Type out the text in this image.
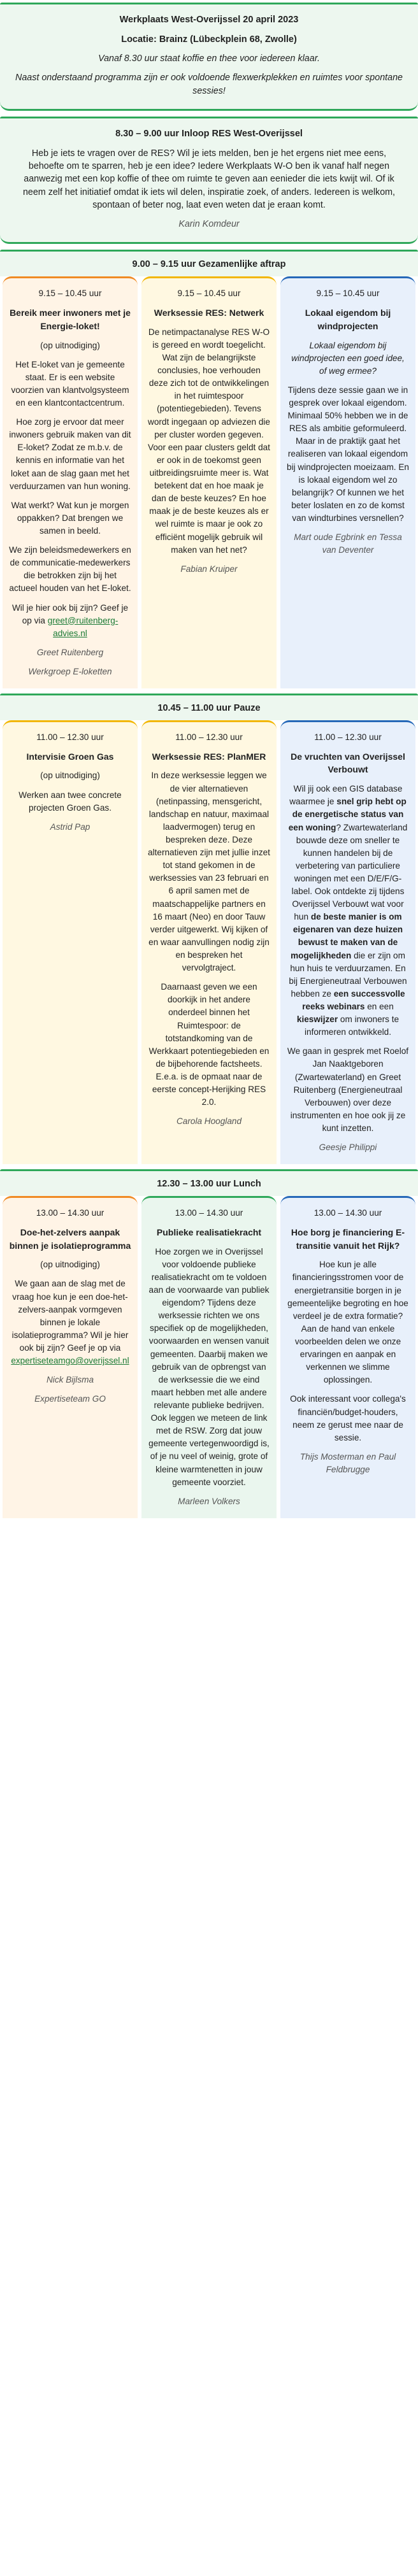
Werkplaats West-Overijssel 20 april 2023
Locatie: Brainz (Lübeckplein 68, Zwolle)

Vanaf 8.30 uur staat koffie en thee voor iedereen klaar.

Naast onderstaand programma zijn er ook voldoende flexwerkplekken en ruimtes voor spontane sessies!

8.30 – 9.00 uur Inloop RES West-Overijssel

Heb je iets te vragen over de RES? Wil je iets melden, ben je het ergens niet mee eens, behoefte om te sparren, heb je een idee? Iedere Werkplaats W-O ben ik vanaf half negen aanwezig met een kop koffie of thee om ruimte te geven aan eenieder die iets kwijt wil. Of ik neem zelf het initiatief omdat ik iets wil delen, inspiratie zoek, of anders. Iedereen is welkom, spontaan of beter nog, laat even weten dat je eraan komt.

Karin Komdeur
9.00 – 9.15 uur Gezamenlijke aftrap
9.15 – 10.45 uur
Bereik meer inwoners met je Energie-loket!

(op uitnodiging)

Het E-loket van je gemeente staat. Er is een website voorzien van klantvolgsysteem en een klantcontactcentrum.

Hoe zorg je ervoor dat meer inwoners gebruik maken van dit E-loket? Zodat ze m.b.v. de kennis en informatie van het loket aan de slag gaan met het verduurzamen van hun woning.

Wat werkt? Wat kun je morgen oppakken? Dat brengen we samen in beeld.

We zijn beleidsmedewerkers en de communicatie-medewerkers die betrokken zijn bij het actueel houden van het E-loket.

Wil je hier ook bij zijn? Geef je op via greet@ruitenberg-advies.nl

Greet Ruitenberg
Werkgroep E-loketten
9.15 – 10.45 uur
Werksessie RES: Netwerk

De netimpactanalyse RES W-O is gereed en wordt toegelicht. Wat zijn de belangrijkste conclusies, hoe verhouden deze zich tot de ontwikkelingen in het ruimtespoor (potentiegebieden). Tevens wordt ingegaan op adviezen die per cluster worden gegeven. Voor een paar clusters geldt dat er ook in de toekomst geen uitbreidingsruimte meer is. Wat betekent dat en hoe maak je dan de beste keuzes? En hoe maak je de beste keuzes als er wel ruimte is maar je ook zo efficiënt mogelijk gebruik wil maken van het net?

Fabian Kruiper
9.15 – 10.45 uur
Lokaal eigendom bij windprojecten

Lokaal eigendom bij windprojecten een goed idee, of weg ermee?

Tijdens deze sessie gaan we in gesprek over lokaal eigendom. Minimaal 50% hebben we in de RES als ambitie geformuleerd. Maar in de praktijk gaat het realiseren van lokaal eigendom bij windprojecten moeizaam. En is lokaal eigendom wel zo belangrijk? Of kunnen we het beter loslaten en zo de komst van windturbines versnellen?

Mart oude Egbrink en Tessa van Deventer
10.45 – 11.00 uur Pauze
11.00 – 12.30 uur
Intervisie Groen Gas

(op uitnodiging)

Werken aan twee concrete projecten Groen Gas.

Astrid Pap
11.00 – 12.30 uur
Werksessie RES: PlanMER

In deze werksessie leggen we de vier alternatieven (netinpassing, mensgericht, landschap en natuur, maximaal laadvermogen) terug en bespreken deze. Deze alternatieven zijn met jullie inzet tot stand gekomen in de werksessies van 23 februari en 6 april samen met de maatschappelijke partners en 16 maart (Neo) en door Tauw verder uitgewerkt. Wij kijken of en waar aanvullingen nodig zijn en bespreken het vervolgtraject.

Daarnaast geven we een doorkijk in het andere onderdeel binnen het Ruimtespoor: de totstandkoming van de Werkkaart potentiegebieden en de bijbehorende factsheets. E.e.a. is de opmaat naar de eerste concept-Herijking RES 2.0.

Carola Hoogland
11.00 – 12.30 uur
De vruchten van Overijssel Verbouwt

Wil jij ook een GIS database waarmee je snel grip hebt op de energetische status van een woning? Zwartewaterland bouwde deze om sneller te kunnen handelen bij de verbetering van particuliere woningen met een D/E/F/G-label. Ook ontdekte zij tijdens Overijssel Verbouwt wat voor hun de beste manier is om eigenaren van deze huizen bewust te maken van de mogelijkheden die er zijn om hun huis te verduurzamen. En bij Energieneutraal Verbouwen hebben ze een successvolle reeks webinars en een kieswijzer om inwoners te informeren ontwikkeld.

We gaan in gesprek met Roelof Jan Naaktgeboren (Zwartewaterland) en Greet Ruitenberg (Energieneutraal Verbouwen) over deze instrumenten en hoe ook jij ze kunt inzetten.

Geesje Philippi
12.30 – 13.00 uur Lunch
13.00 – 14.30 uur
Doe-het-zelvers aanpak binnen je isolatieprogramma

(op uitnodiging)

We gaan aan de slag met de vraag hoe kun je een doe-het-zelvers-aanpak vormgeven binnen je lokale isolatieprogramma? Wil je hier ook bij zijn? Geef je op via expertiseteamgo@overijssel.nl

Nick Bijlsma
Expertiseteam GO
13.00 – 14.30 uur
Publieke realisatiekracht

Hoe zorgen we in Overijssel voor voldoende publieke realisatiekracht om te voldoen aan de voorwaarde van publiek eigendom? Tijdens deze werksessie richten we ons specifiek op de mogelijkheden, voorwaarden en wensen vanuit gemeenten. Daarbij maken we gebruik van de opbrengst van de werksessie die we eind maart hebben met alle andere relevante publieke bedrijven. Ook leggen we meteen de link met de RSW. Zorg dat jouw gemeente vertegenwoordigd is, of je nu veel of weinig, grote of kleine warmtenetten in jouw gemeente voorziet.

Marleen Volkers
13.00 – 14.30 uur
Hoe borg je financiering E-transitie vanuit het Rijk?

Hoe kun je alle financieringsstromen voor de energietransitie borgen in je gemeentelijke begroting en hoe verdeel je de extra formatie? Aan de hand van enkele voorbeelden delen we onze ervaringen en aanpak en verkennen we slimme oplossingen.

Ook interessant voor collega's financiën/budget-houders, neem ze gerust mee naar de sessie.

Thijs Mosterman en Paul Feldbrugge
